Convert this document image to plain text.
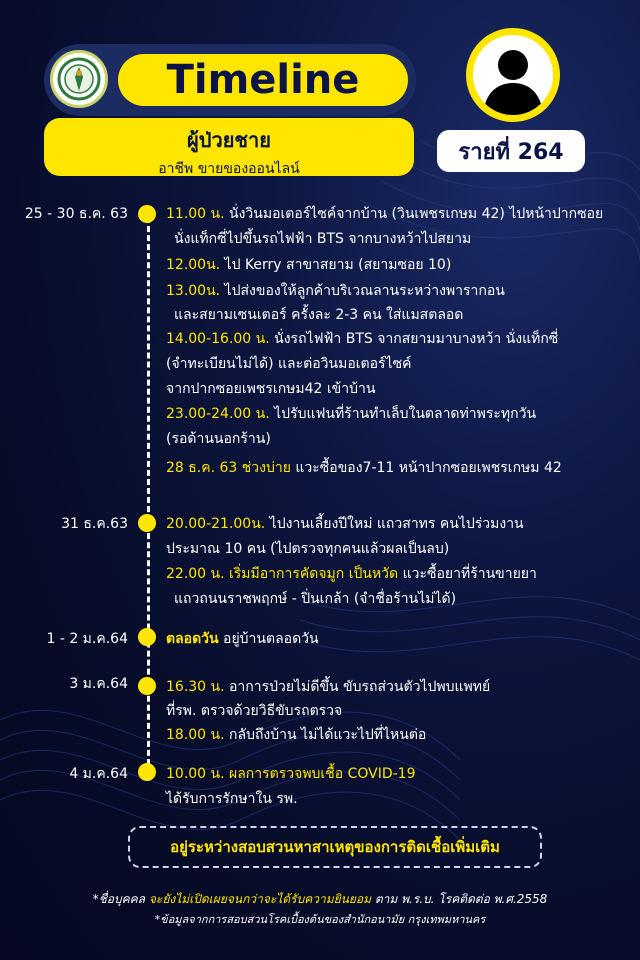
Timeline
ผู้ป่วยชาย
อาชีพ ขายของออนไลน์
รายที่ 264
25 - 30 ธ.ค. 63	11.00 น. นั่งวินมอเตอร์ไซค์จากบ้าน (วินเพชรเกษม 42) ไปหน้าปากซอย
นั่งแท็กซี่ไปขึ้นรถไฟฟ้า BTS จากบางหว้าไปสยาม
12.00น. ไป Kerry สาขาสยาม (สยามซอย 10)
13.00น. ไปส่งของให้ลูกค้าบริเวณลานระหว่างพารากอน
และสยามเซนเตอร์ ครั้งละ 2-3 คน ใส่แมสตลอด
14.00-16.00 น. นั่งรถไฟฟ้า BTS จากสยามมาบางหว้า นั่งแท็กซี่
(จำทะเบียนไม่ได้) และต่อวินมอเตอร์ไซค์
จากปากซอยเพชรเกษม42 เข้าบ้าน
23.00-24.00 น. ไปรับแฟนที่ร้านทำเล็บในตลาดท่าพระทุกวัน
(รอด้านนอกร้าน)
28 ธ.ค. 63 ช่วงบ่าย แวะซื้อของ7-11 หน้าปากซอยเพชรเกษม 42
31 ธ.ค.63	20.00-21.00น. ไปงานเลี้ยงปีใหม่ แถวสาทร คนไปร่วมงาน
ประมาณ 10 คน (ไปตรวจทุกคนแล้วผลเป็นลบ)
22.00 น. เริ่มมีอาการคัดจมูก เป็นหวัด แวะซื้อยาที่ร้านขายยา
แถวถนนราชพฤกษ์ - ปิ่นเกล้า (จำชื่อร้านไม่ได้)
1 - 2 ม.ค.64	ตลอดวัน อยู่บ้านตลอดวัน
3 ม.ค.64	16.30 น. อาการป่วยไม่ดีขึ้น ขับรถส่วนตัวไปพบแพทย์
ที่รพ. ตรวจด้วยวิธีขับรถตรวจ
18.00 น. กลับถึงบ้าน ไม่ได้แวะไปที่ไหนต่อ
4 ม.ค.64	10.00 น. ผลการตรวจพบเชื้อ COVID-19
ได้รับการรักษาใน รพ.
อยู่ระหว่างสอบสวนหาสาเหตุของการติดเชื้อเพิ่มเติม
*ชื่อบุคคล จะยังไม่เปิดเผยจนกว่าจะได้รับความยินยอม ตาม พ.ร.บ. โรคติดต่อ พ.ศ.2558
*ข้อมูลจากการสอบสวนโรคเบื้องต้นของสำนักอนามัย กรุงเทพมหานคร
